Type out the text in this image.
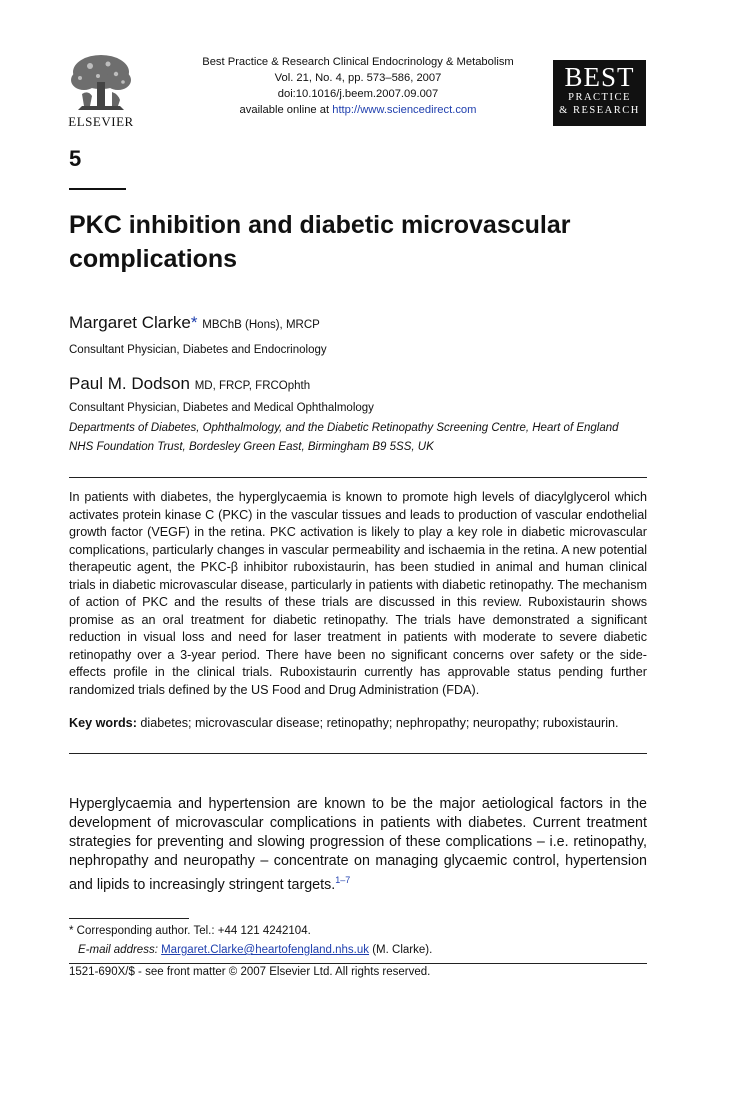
ELSEVIER
Best Practice & Research Clinical Endocrinology & Metabolism
Vol. 21, No. 4, pp. 573–586, 2007
doi:10.1016/j.beem.2007.09.007
available online at http://www.sciencedirect.com
BEST
PRACTICE
& RESEARCH
5
PKC inhibition and diabetic microvascular complications
Margaret Clarke* MBChB (Hons), MRCP
Consultant Physician, Diabetes and Endocrinology
Paul M. Dodson MD, FRCP, FRCOphth
Consultant Physician, Diabetes and Medical Ophthalmology
Departments of Diabetes, Ophthalmology, and the Diabetic Retinopathy Screening Centre, Heart of England
NHS Foundation Trust, Bordesley Green East, Birmingham B9 5SS, UK

In patients with diabetes, the hyperglycaemia is known to promote high levels of diacylglycerol which activates protein kinase C (PKC) in the vascular tissues and leads to production of vascular endothelial growth factor (VEGF) in the retina. PKC activation is likely to play a key role in diabetic microvascular complications, particularly changes in vascular permeability and ischaemia in the retina. A new potential therapeutic agent, the PKC-β inhibitor ruboxistaurin, has been studied in animal and human clinical trials in diabetic microvascular disease, particularly in patients with diabetic retinopathy. The mechanism of action of PKC and the results of these trials are discussed in this review. Ruboxistaurin shows promise as an oral treatment for diabetic retinopathy. The trials have demonstrated a significant reduction in visual loss and need for laser treatment in patients with moderate to severe diabetic retinopathy over a 3-year period. There have been no significant concerns over safety or the side-effects profile in the clinical trials. Ruboxistaurin currently has approvable status pending further randomized trials defined by the US Food and Drug Administration (FDA).

Key words: diabetes; microvascular disease; retinopathy; nephropathy; neuropathy; ruboxistaurin.

Hyperglycaemia and hypertension are known to be the major aetiological factors in the development of microvascular complications in patients with diabetes. Current treatment strategies for preventing and slowing progression of these complications – i.e. retinopathy, nephropathy and neuropathy – concentrate on managing glycaemic control, hypertension and lipids to increasingly stringent targets.$^{1-7}$

* Corresponding author. Tel.: +44 121 4242104.
E-mail address: Margaret.Clarke@heartofengland.nhs.uk (M. Clarke).
1521-690X/$ - see front matter © 2007 Elsevier Ltd. All rights reserved.
